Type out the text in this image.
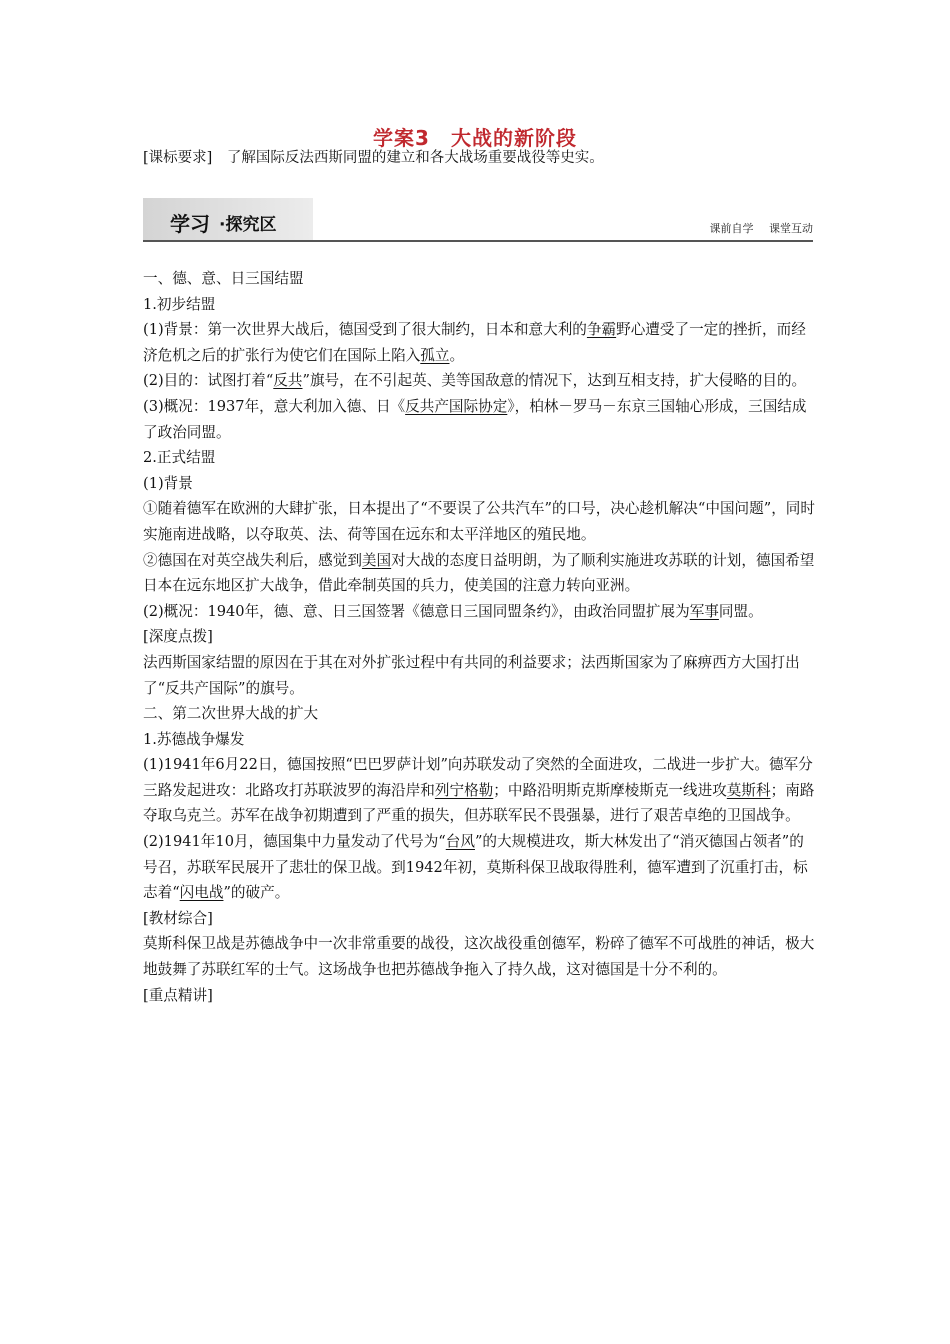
学案3　大战的新阶段
[课标要求]　了解国际反法西斯同盟的建立和各大战场重要战役等史实。
学习 ·探究区	课前自学 课堂互动

一、德、意、日三国结盟

1.初步结盟

(1)背景：第一次世界大战后，德国受到了很大制约，日本和意大利的争霸野心遭受了一定的挫折，而经济危机之后的扩张行为使它们在国际上陷入孤立。

(2)目的：试图打着“反共”旗号，在不引起英、美等国敌意的情况下，达到互相支持，扩大侵略的目的。

(3)概况：1937年，意大利加入德、日《反共产国际协定》，柏林－罗马－东京三国轴心形成，三国结成了政治同盟。

2.正式结盟

(1)背景

①随着德军在欧洲的大肆扩张，日本提出了“不要误了公共汽车”的口号，决心趁机解决“中国问题”，同时实施南进战略，以夺取英、法、荷等国在远东和太平洋地区的殖民地。

②德国在对英空战失利后，感觉到美国对大战的态度日益明朗，为了顺利实施进攻苏联的计划，德国希望日本在远东地区扩大战争，借此牵制英国的兵力，使美国的注意力转向亚洲。

(2)概况：1940年，德、意、日三国签署《德意日三国同盟条约》，由政治同盟扩展为军事同盟。

[深度点拨]

法西斯国家结盟的原因在于其在对外扩张过程中有共同的利益要求；法西斯国家为了麻痹西方大国打出了“反共产国际”的旗号。

二、第二次世界大战的扩大

1.苏德战争爆发

(1)1941年6月22日，德国按照“巴巴罗萨计划”向苏联发动了突然的全面进攻，二战进一步扩大。德军分三路发起进攻：北路攻打苏联波罗的海沿岸和列宁格勒；中路沿明斯克斯摩棱斯克一线进攻莫斯科；南路夺取乌克兰。苏军在战争初期遭到了严重的损失，但苏联军民不畏强暴，进行了艰苦卓绝的卫国战争。

(2)1941年10月，德国集中力量发动了代号为“台风”的大规模进攻，斯大林发出了“消灭德国占领者”的号召，苏联军民展开了悲壮的保卫战。到1942年初，莫斯科保卫战取得胜利，德军遭到了沉重打击，标志着“闪电战”的破产。

[教材综合]

莫斯科保卫战是苏德战争中一次非常重要的战役，这次战役重创德军，粉碎了德军不可战胜的神话，极大地鼓舞了苏联红军的士气。这场战争也把苏德战争拖入了持久战，这对德国是十分不利的。

[重点精讲]
